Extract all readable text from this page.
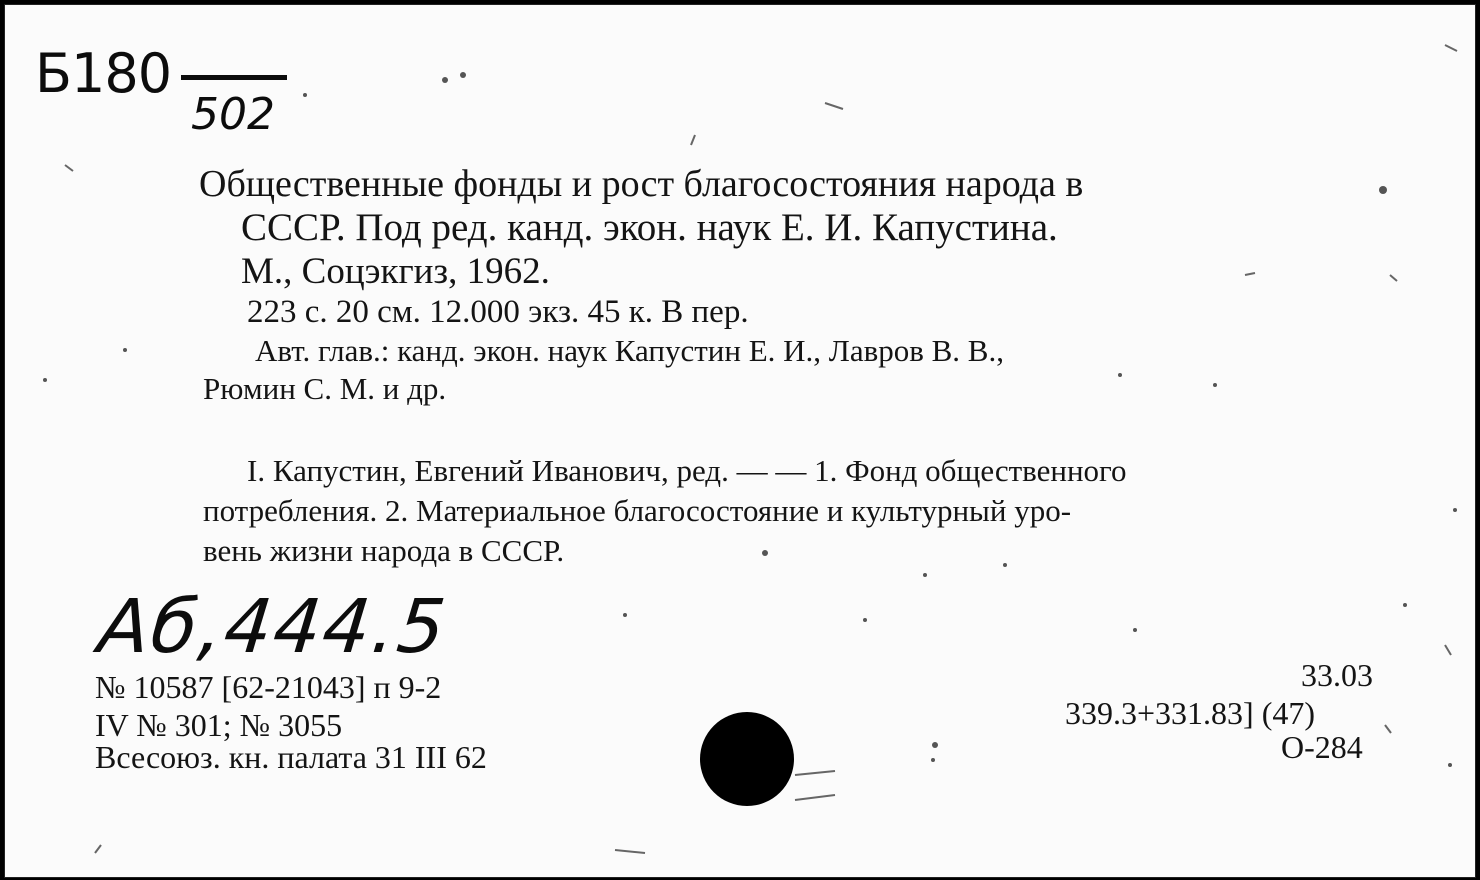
Б180
502
Общественные фонды и рост благосостояния народа в
СССР. Под ред. канд. экон. наук Е. И. Капустина.
М., Соцэкгиз, 1962.
223 с. 20 см. 12.000 экз. 45 к. В пер.
Авт. глав.: канд. экон. наук Капустин Е. И., Лавров В. В.,
Рюмин С. М. и др.
I. Капустин, Евгений Иванович, ред. — — 1. Фонд общественного
потребления. 2. Материальное благосостояние и культурный уро-
вень жизни народа в СССР.
Аб,444.5
№ 10587 [62-21043] п 9-2
IV № 301; № 3055
Всесоюз. кн. палата 31 III 62
33.03
339.3+331.83] (47)
О-284
